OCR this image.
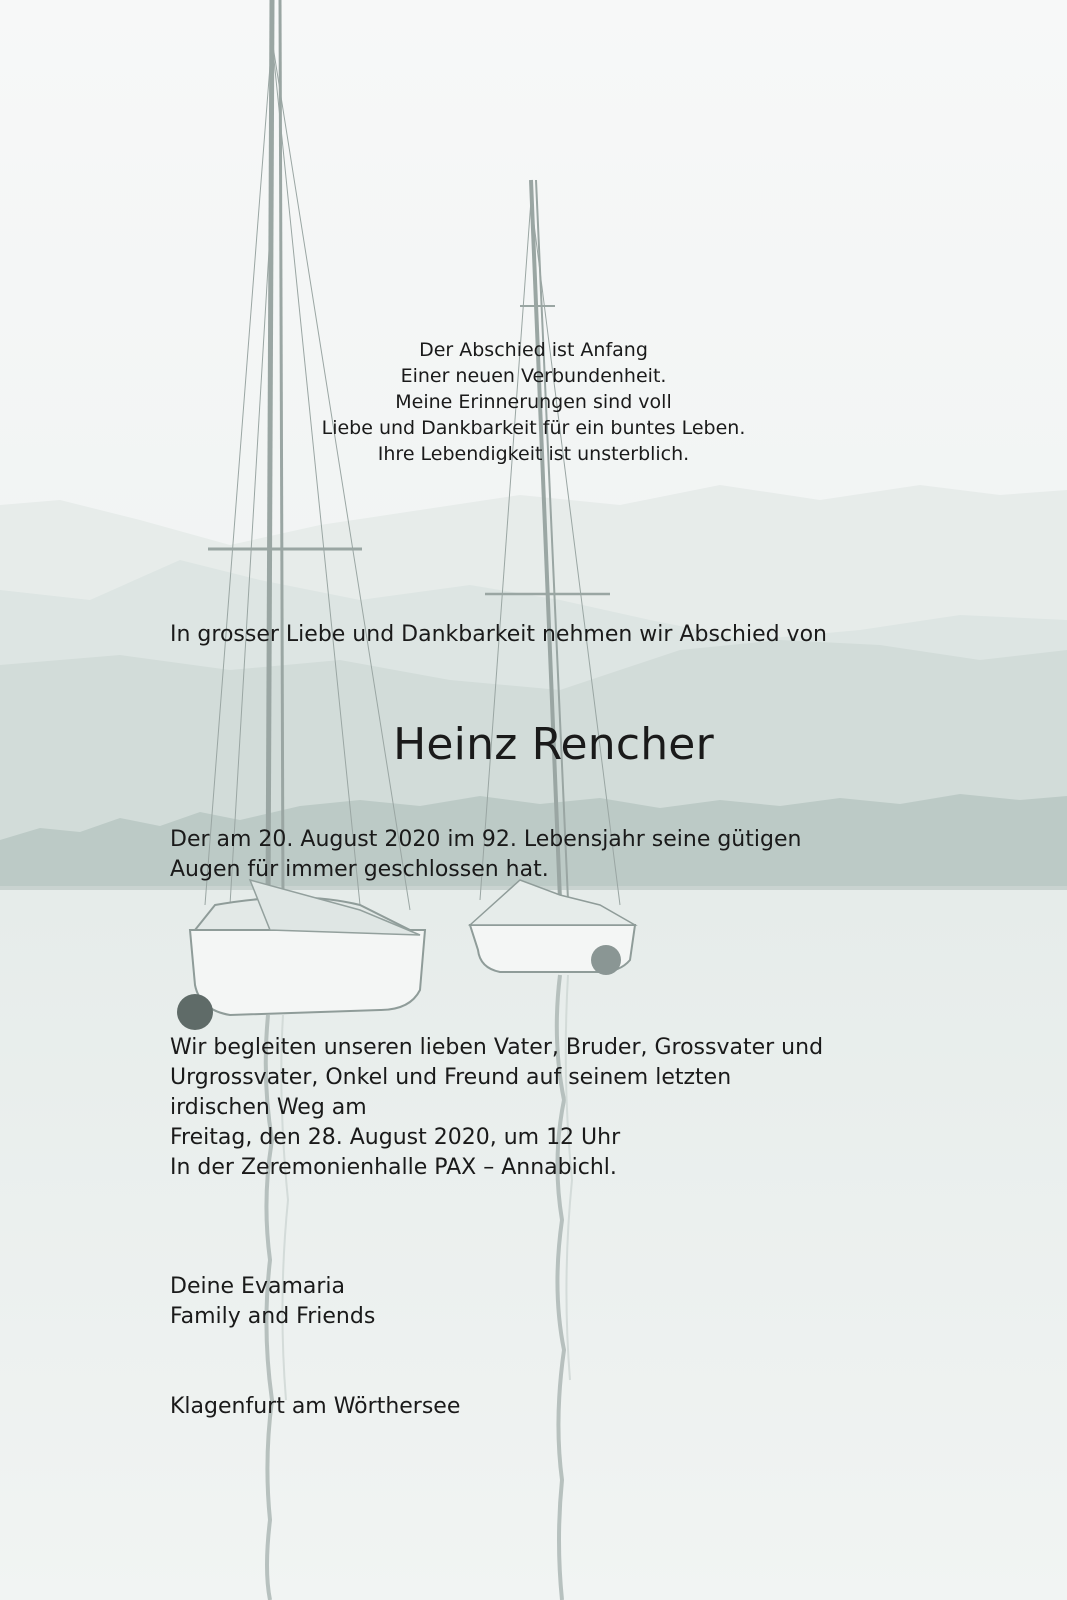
Der Abschied ist Anfang
Einer neuen Verbundenheit.
Meine Erinnerungen sind voll
Liebe und Dankbarkeit für ein buntes Leben.
Ihre Lebendigkeit ist unsterblich.
In grosser Liebe und Dankbarkeit nehmen wir Abschied von
Heinz Rencher
Der am 20. August 2020 im 92. Lebensjahr seine gütigen
Augen für immer geschlossen hat.
Wir begleiten unseren lieben Vater, Bruder, Grossvater und
Urgrossvater, Onkel und Freund auf seinem letzten
irdischen Weg am
Freitag, den 28. August 2020, um 12 Uhr
In der Zeremonienhalle PAX – Annabichl.
Deine Evamaria
Family and Friends
Klagenfurt am Wörthersee
